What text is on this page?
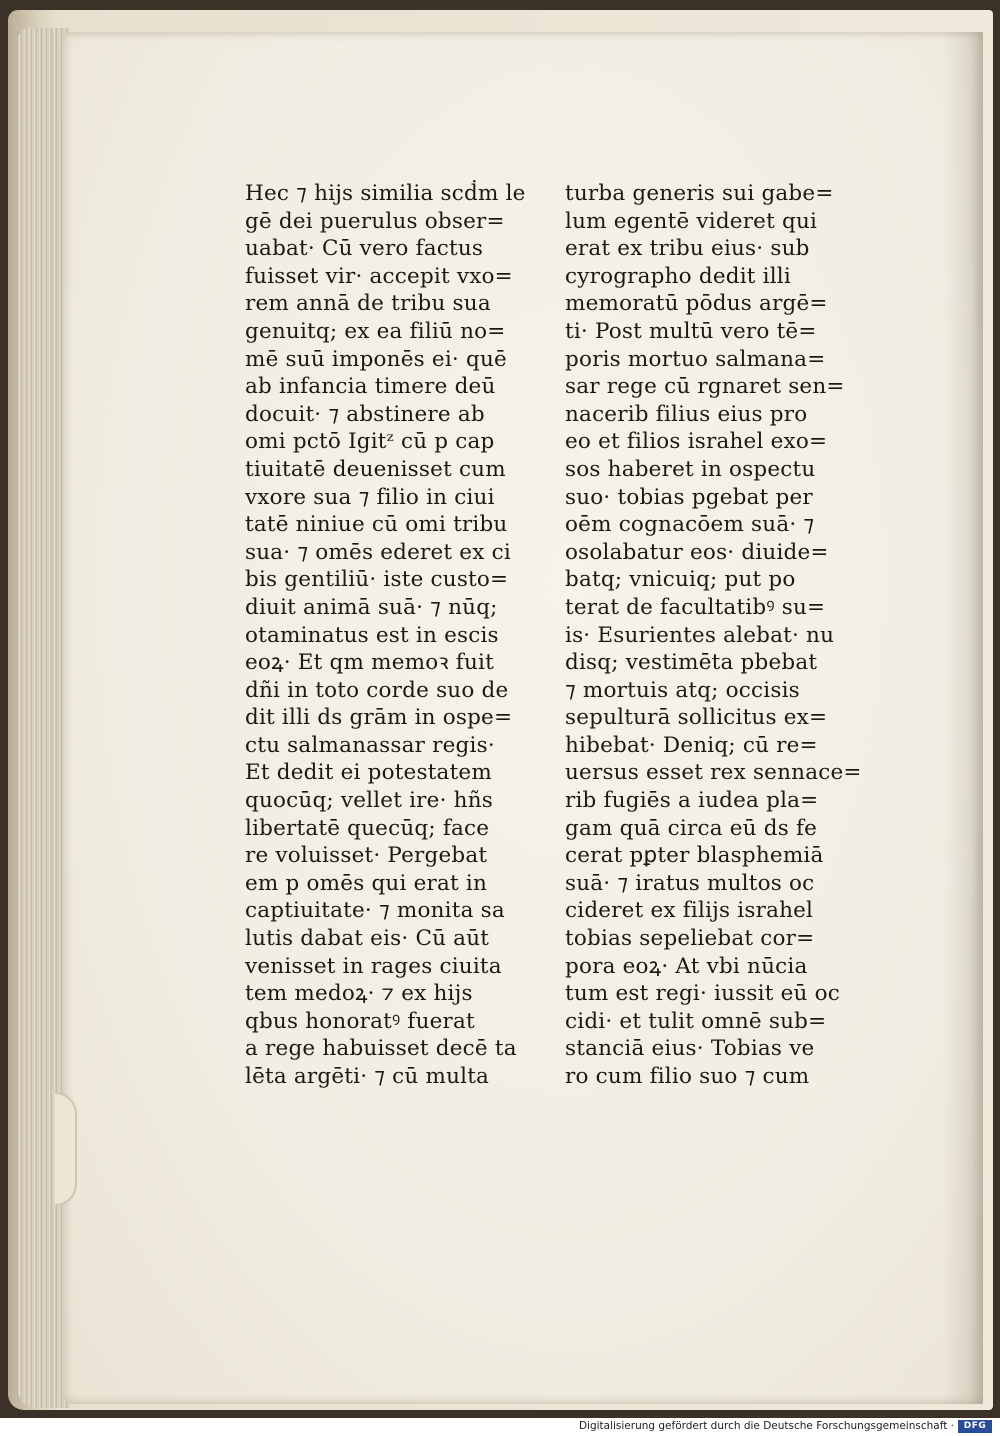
Hec ⁊ hijs similia scḋm le
gē dei puerulus obser=
uabat· Cū vero factus
fuisset vir· accepit vxo=
rem annā de tribu sua
genuitq; ex ea filiū no=
mē suū imponēs ei· quē
ab infancia timere deū
docuit· ⁊ abstinere ab
omi pctō Igitᶻ cū p cap
tiuitatē deuenisset cum
vxore sua ⁊ filio in ciui
tatē niniue cū omi tribu
sua· ⁊ omēs ederet ex ci
bis gentiliū· iste custo=
diuit animā suā· ⁊ nūq;
otaminatus est in escis
eoꝝ· Et qm memoꝛ fuit
dñi in toto corde suo de
dit illi ds grām in ospe=
ctu salmanassar regis·
Et dedit ei potestatem
quocūq; vellet ire· hñs
libertatē quecūq; face
re voluisset· Pergebat
em p omēs qui erat in
captiuitate· ⁊ monita sa
lutis dabat eis· Cū aūt
venisset in rages ciuita
tem medoꝝ· ⁊ ex hijs
qbus honoratꝰ fuerat
a rege habuisset decē ta
lēta argēti· ⁊ cū multa
turba generis sui gabe=
lum egentē videret qui
erat ex tribu eius· sub
cyrographo dedit illi
memoratū pōdus argē=
ti· Post multū vero tē=
poris mortuo salmana=
sar rege cū rgnaret sen=
nacerib filius eius pro
eo et filios israhel exo=
sos haberet in ospectu
suo· tobias pgebat per
oēm cognacōem suā· ⁊
osolabatur eos· diuide=
batq; vnicuiq; put po
terat de facultatibꝰ su=
is· Esurientes alebat· nu
disq; vestimēta pbebat
⁊ mortuis atq; occisis
sepulturā sollicitus ex=
hibebat· Deniq; cū re=
uersus esset rex sennace=
rib fugiēs a iudea pla=
gam quā circa eū ds fe
cerat pꝑter blasphemiā
suā· ⁊ iratus multos oc
cideret ex filijs israhel
tobias sepeliebat cor=
pora eoꝝ· At vbi nūcia
tum est regi· iussit eū oc
cidi· et tulit omnē sub=
stanciā eius· Tobias ve
ro cum filio suo ⁊ cum
Digitalisierung gefördert durch die Deutsche Forschungsgemeinschaft ·	DFG
